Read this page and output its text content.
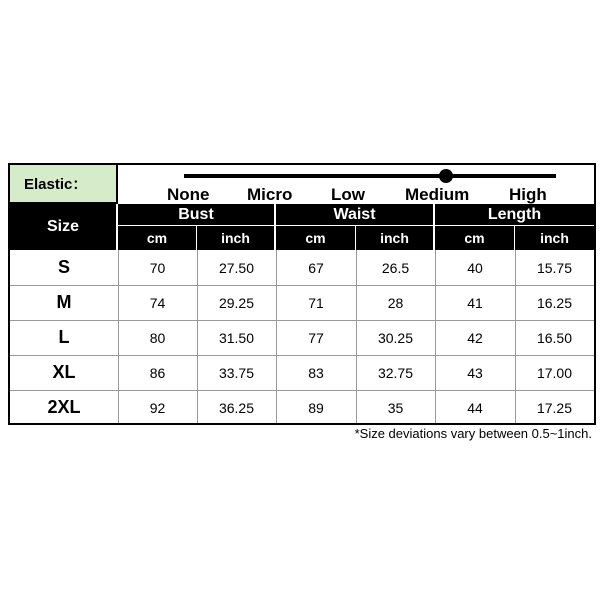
Elastic：
None Micro Low Medium High
Size
Bust	Waist	Length
cm	inch	cm	inch	cm	inch
S	70	27.50	67	26.5	40	15.75
M	74	29.25	71	28	41	16.25
L	80	31.50	77	30.25	42	16.50
XL	86	33.75	83	32.75	43	17.00
2XL	92	36.25	89	35	44	17.25
*Size deviations vary between 0.5~1inch.
